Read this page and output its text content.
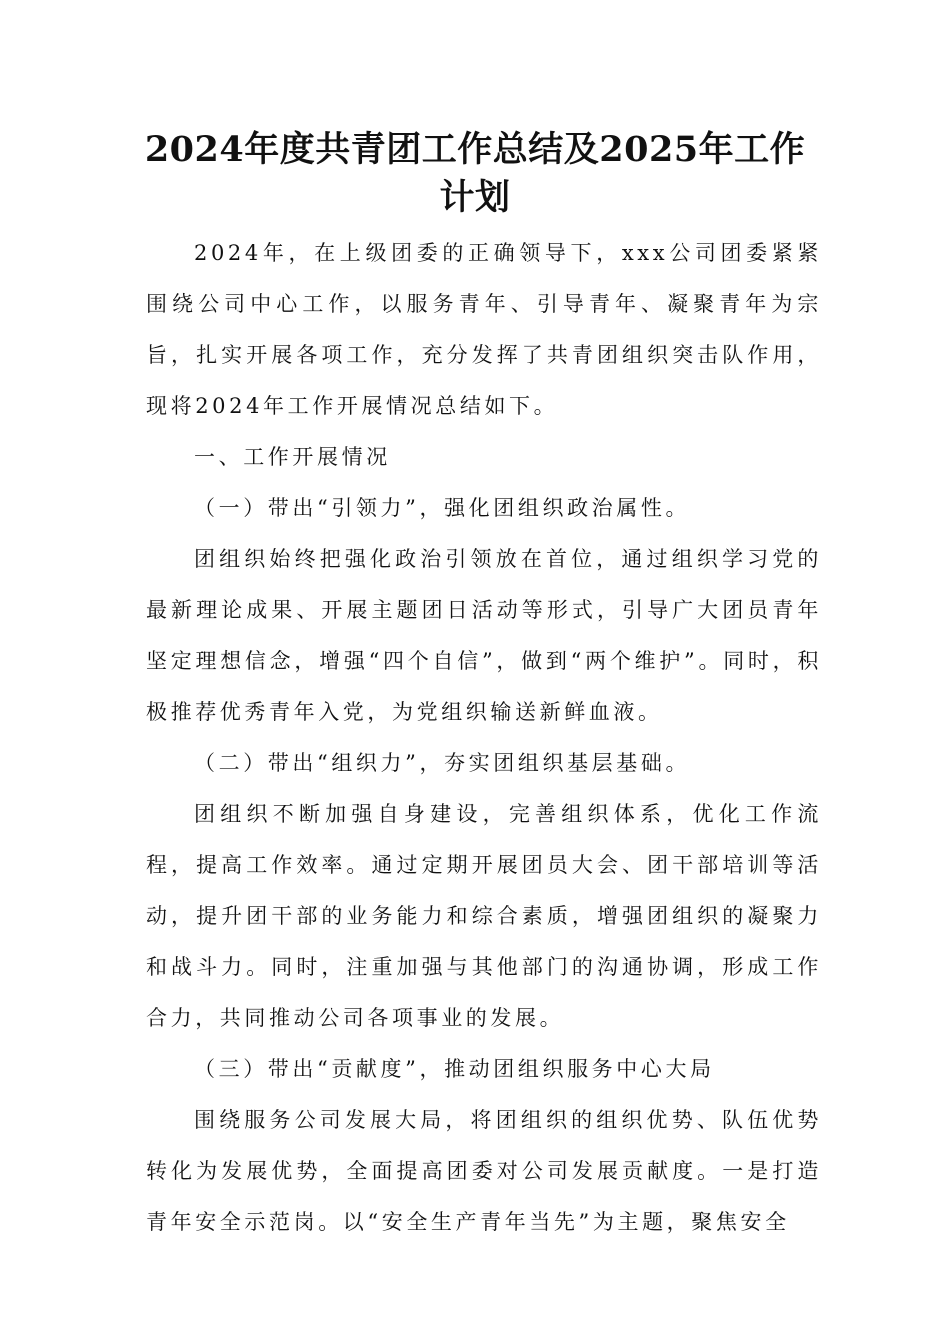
2024年度共青团工作总结及2025年工作计划

2024年，在上级团委的正确领导下，xxx公司团委紧紧围绕公司中心工作，以服务青年、引导青年、凝聚青年为宗旨，扎实开展各项工作，充分发挥了共青团组织突击队作用，现将2024年工作开展情况总结如下。

一、工作开展情况

（一）带出“引领力”，强化团组织政治属性。

团组织始终把强化政治引领放在首位，通过组织学习党的最新理论成果、开展主题团日活动等形式，引导广大团员青年坚定理想信念，增强“四个自信”，做到“两个维护”。同时，积极推荐优秀青年入党，为党组织输送新鲜血液。

（二）带出“组织力”，夯实团组织基层基础。

团组织不断加强自身建设，完善组织体系，优化工作流程，提高工作效率。通过定期开展团员大会、团干部培训等活动，提升团干部的业务能力和综合素质，增强团组织的凝聚力和战斗力。同时，注重加强与其他部门的沟通协调，形成工作合力，共同推动公司各项事业的发展。

（三）带出“贡献度”，推动团组织服务中心大局

围绕服务公司发展大局，将团组织的组织优势、队伍优势转化为发展优势，全面提高团委对公司发展贡献度。一是打造青年安全示范岗。以“安全生产青年当先”为主题，聚焦安全
